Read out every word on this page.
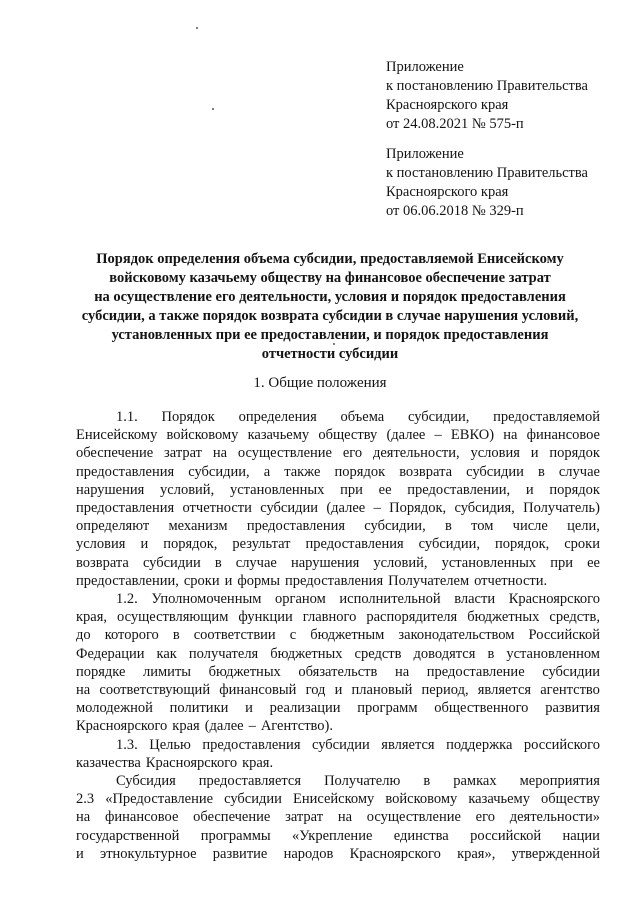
Приложение
к постановлению Правительства
Красноярского края
от 24.08.2021 № 575-п
Приложение
к постановлению Правительства
Красноярского края
от 06.06.2018 № 329-п
Порядок определения объема субсидии, предоставляемой Енисейскому
войсковому казачьему обществу на финансовое обеспечение затрат
на осуществление его деятельности, условия и порядок предоставления
субсидии, а также порядок возврата субсидии в случае нарушения условий,
установленных при ее предоставлении, и порядок предоставления
отчетности субсидии
1. Общие положения
1.1. Порядок определения объема субсидии, предоставляемой
Енисейскому войсковому казачьему обществу (далее – ЕВКО) на финансовое
обеспечение затрат на осуществление его деятельности, условия и порядок
предоставления субсидии, а также порядок возврата субсидии в случае
нарушения условий, установленных при ее предоставлении, и порядок
предоставления отчетности субсидии (далее – Порядок, субсидия, Получатель)
определяют механизм предоставления субсидии, в том числе цели,
условия и порядок, результат предоставления субсидии, порядок, сроки
возврата субсидии в случае нарушения условий, установленных при ее
предоставлении, сроки и формы предоставления Получателем отчетности.
1.2. Уполномоченным органом исполнительной власти Красноярского
края, осуществляющим функции главного распорядителя бюджетных средств,
до которого в соответствии с бюджетным законодательством Российской
Федерации как получателя бюджетных средств доводятся в установленном
порядке лимиты бюджетных обязательств на предоставление субсидии
на соответствующий финансовый год и плановый период, является агентство
молодежной политики и реализации программ общественного развития
Красноярского края (далее – Агентство).
1.3. Целью предоставления субсидии является поддержка российского
казачества Красноярского края.
Субсидия предоставляется Получателю в рамках мероприятия
2.3 «Предоставление субсидии Енисейскому войсковому казачьему обществу
на финансовое обеспечение затрат на осуществление его деятельности»
государственной программы «Укрепление единства российской нации
и этнокультурное развитие народов Красноярского края», утвержденной
